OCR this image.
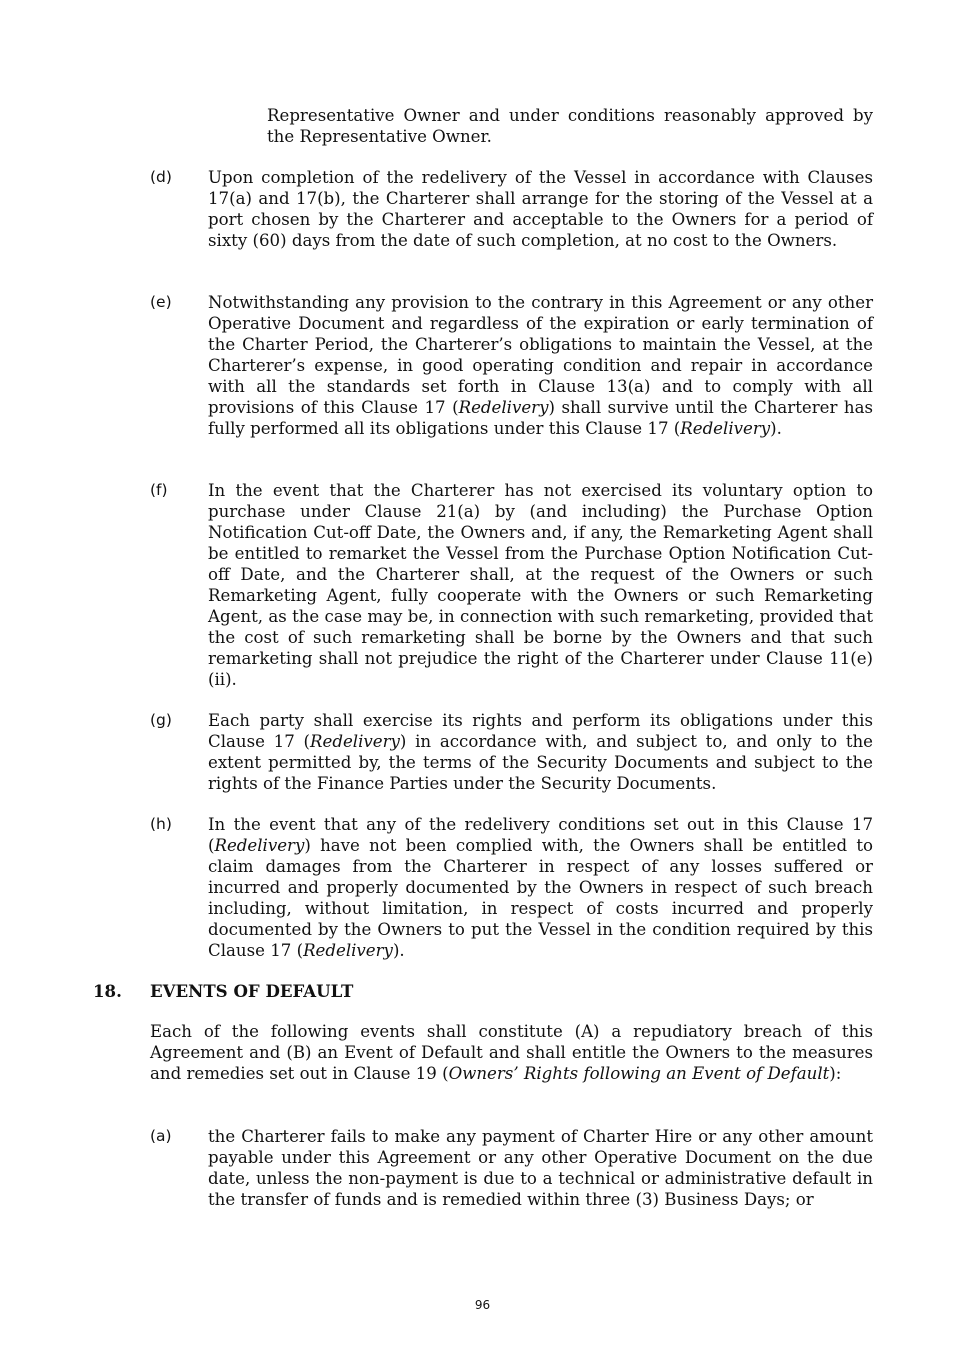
Representative Owner and under conditions reasonably approved by the Representative Owner.
(d) Upon completion of the redelivery of the Vessel in accordance with Clauses 17(a) and 17(b), the Charterer shall arrange for the storing of the Vessel at a port chosen by the Charterer and acceptable to the Owners for a period of sixty (60) days from the date of such completion, at no cost to the Owners.
(e) Notwithstanding any provision to the contrary in this Agreement or any other Operative Document and regardless of the expiration or early termination of the Charter Period, the Charterer’s obligations to maintain the Vessel, at the Charterer’s expense, in good operating condition and repair in accordance with all the standards set forth in Clause 13(a) and to comply with all provisions of this Clause 17 (Redelivery) shall survive until the Charterer has fully performed all its obligations under this Clause 17 (Redelivery).
(f) In the event that the Charterer has not exercised its voluntary option to purchase under Clause 21(a) by (and including) the Purchase Option Notification Cut-off Date, the Owners and, if any, the Remarketing Agent shall be entitled to remarket the Vessel from the Purchase Option Notification Cut-off Date, and the Charterer shall, at the request of the Owners or such Remarketing Agent, fully cooperate with the Owners or such Remarketing Agent, as the case may be, in connection with such remarketing, provided that the cost of such remarketing shall be borne by the Owners and that such remarketing shall not prejudice the right of the Charterer under Clause 11(e)(ii).
(g) Each party shall exercise its rights and perform its obligations under this Clause 17 (Redelivery) in accordance with, and subject to, and only to the extent permitted by, the terms of the Security Documents and subject to the rights of the Finance Parties under the Security Documents.
(h) In the event that any of the redelivery conditions set out in this Clause 17 (Redelivery) have not been complied with, the Owners shall be entitled to claim damages from the Charterer in respect of any losses suffered or incurred and properly documented by the Owners in respect of such breach including, without limitation, in respect of costs incurred and properly documented by the Owners to put the Vessel in the condition required by this Clause 17 (Redelivery).
18. EVENTS OF DEFAULT
Each of the following events shall constitute (A) a repudiatory breach of this Agreement and (B) an Event of Default and shall entitle the Owners to the measures and remedies set out in Clause 19 (Owners’ Rights following an Event of Default):
(a) the Charterer fails to make any payment of Charter Hire or any other amount payable under this Agreement or any other Operative Document on the due date, unless the non-payment is due to a technical or administrative default in the transfer of funds and is remedied within three (3) Business Days; or
96
